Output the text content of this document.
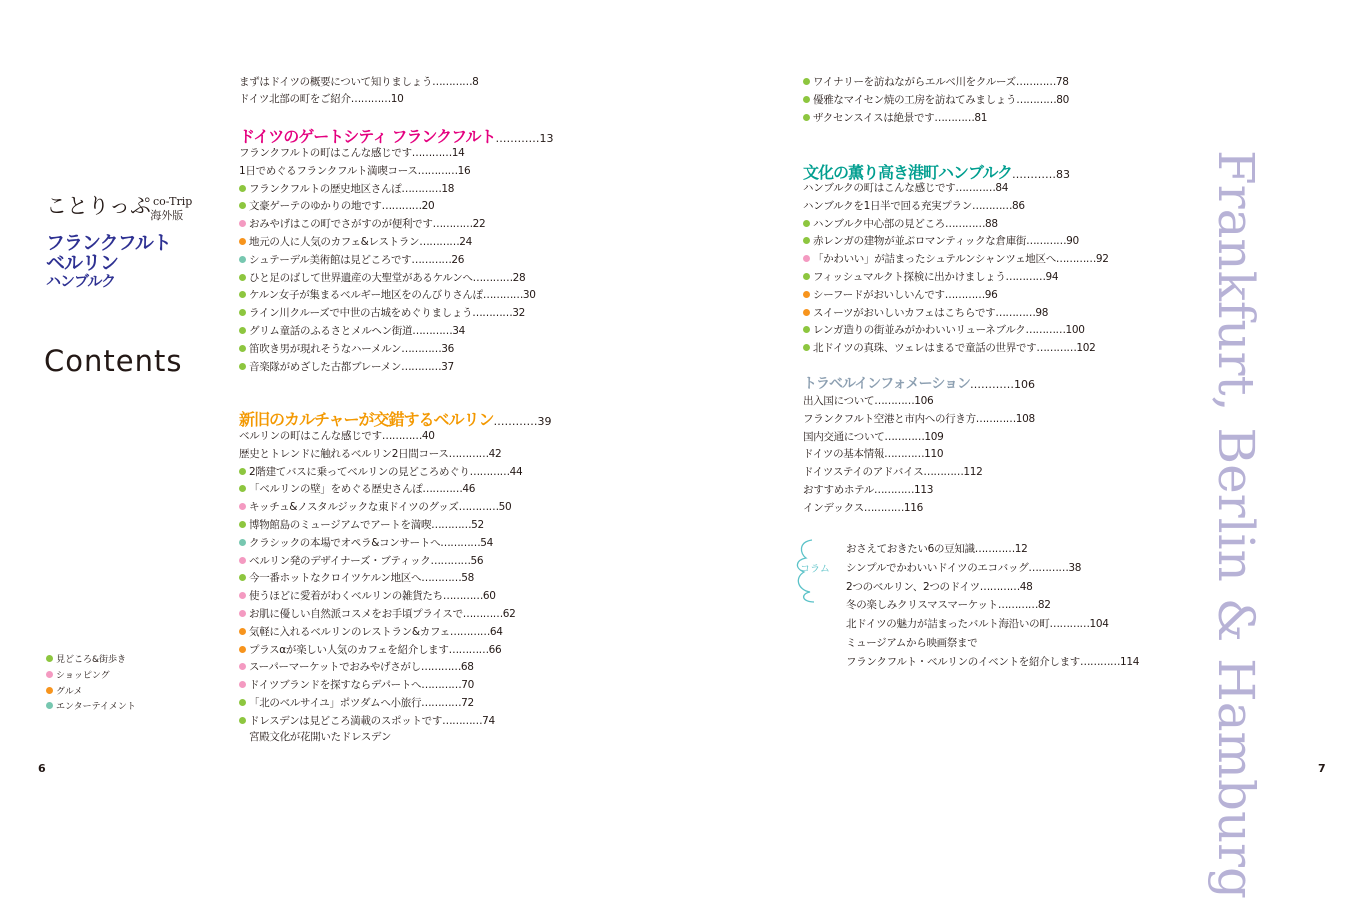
ことりっぷ $^{co-Trip}$海外版
フランクフルト
ベルリン
ハンブルク
Contents
見どころ&街歩き
ショッピング
グルメ
エンターテイメント
まずはドイツの概要について知りましょう…………8
ドイツ北部の町をご紹介…………10
ドイツのゲートシティ フランクフルト…………13
フランクフルトの町はこんな感じです…………14
1日でめぐるフランクフルト満喫コース…………16
フランクフルトの歴史地区さんぽ…………18
文豪ゲーテのゆかりの地です…………20
おみやげはこの町でさがすのが便利です…………22
地元の人に人気のカフェ&レストラン…………24
シュテーデル美術館は見どころです…………26
ひと足のばして世界遺産の大聖堂があるケルンへ…………28
ケルン女子が集まるベルギー地区をのんびりさんぽ…………30
ライン川クルーズで中世の古城をめぐりましょう…………32
グリム童話のふるさとメルヘン街道…………34
笛吹き男が現れそうなハーメルン…………36
音楽隊がめざした古都ブレーメン…………37
新旧のカルチャーが交錯するベルリン…………39
ベルリンの町はこんな感じです…………40
歴史とトレンドに触れるベルリン2日間コース…………42
2階建てバスに乗ってベルリンの見どころめぐり…………44
「ベルリンの壁」をめぐる歴史さんぽ…………46
キッチュ&ノスタルジックな東ドイツのグッズ…………50
博物館島のミュージアムでアートを満喫…………52
クラシックの本場でオペラ&コンサートへ…………54
ベルリン発のデザイナーズ・ブティック…………56
今一番ホットなクロイツケルン地区へ…………58
使うほどに愛着がわくベルリンの雑貨たち…………60
お肌に優しい自然派コスメをお手頃プライスで…………62
気軽に入れるベルリンのレストラン&カフェ…………64
プラスαが楽しい人気のカフェを紹介します…………66
スーパーマーケットでおみやげさがし…………68
ドイツブランドを探すならデパートへ…………70
「北のベルサイユ」ポツダムへ小旅行…………72
ドレスデンは見どころ満載のスポットです…………74
宮殿文化が花開いたドレスデン
ワイナリーを訪ねながらエルベ川をクルーズ…………78
優雅なマイセン焼の工房を訪ねてみましょう…………80
ザクセンスイスは絶景です…………81
文化の薫り高き港町ハンブルク…………83
ハンブルクの町はこんな感じです…………84
ハンブルクを1日半で回る充実プラン…………86
ハンブルク中心部の見どころ…………88
赤レンガの建物が並ぶロマンティックな倉庫街…………90
「かわいい」が詰まったシュテルンシャンツェ地区へ…………92
フィッシュマルクト探検に出かけましょう…………94
シーフードがおいしいんです…………96
スイーツがおいしいカフェはこちらです…………98
レンガ造りの街並みがかわいいリューネブルク…………100
北ドイツの真珠、ツェレはまるで童話の世界です…………102
トラベルインフォメーション…………106
出入国について…………106
フランクフルト空港と市内への行き方…………108
国内交通について…………109
ドイツの基本情報…………110
ドイツステイのアドバイス…………112
おすすめホテル…………113
インデックス…………116
コラム
おさえておきたい6の豆知識…………12
シンプルでかわいいドイツのエコバッグ…………38
2つのベルリン、2つのドイツ…………48
冬の楽しみクリスマスマーケット…………82
北ドイツの魅力が詰まったバルト海沿いの町…………104
ミュージアムから映画祭まで
フランクフルト・ベルリンのイベントを紹介します…………114 Frankfurt, Berlin & Hamburg
6	7
